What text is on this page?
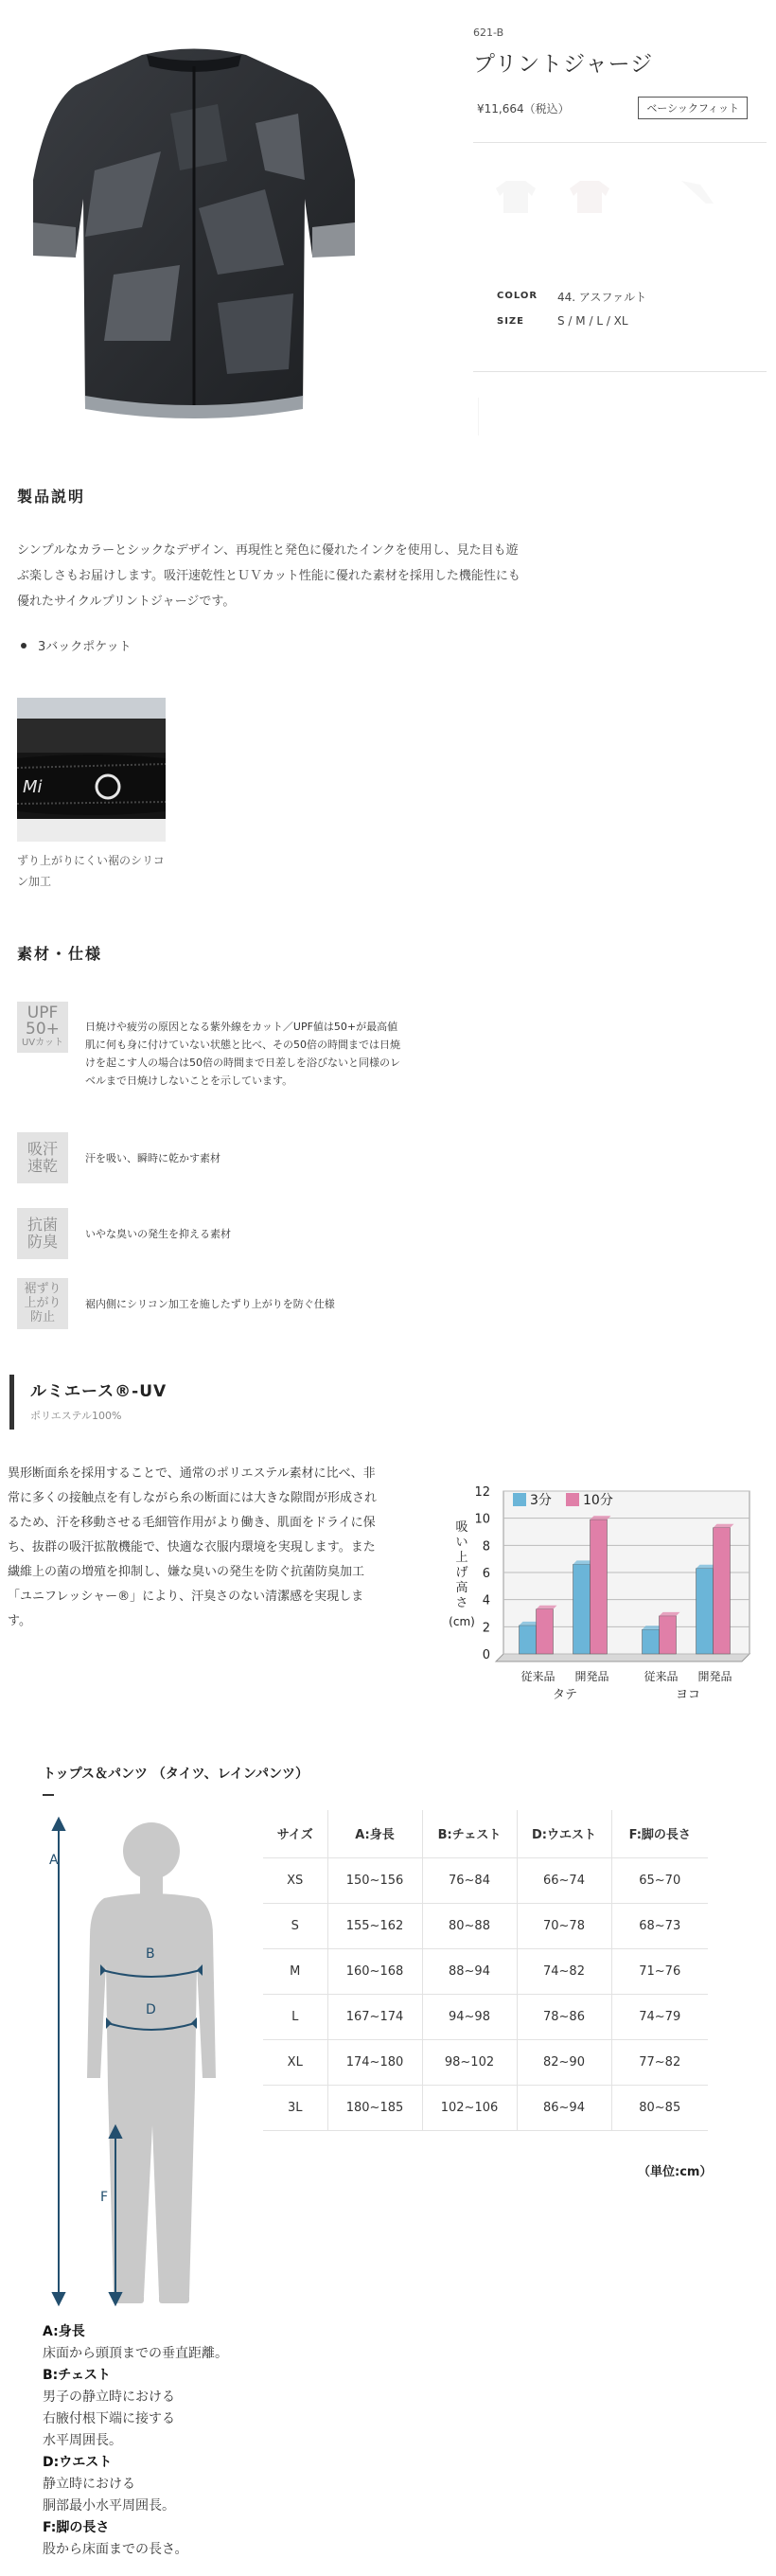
621-B
プリントジャージ
¥11,664（税込）	ベーシックフィット
COLOR	44. アスファルト
SIZE	S / M / L / XL
製品説明
シンプルなカラーとシックなデザイン、再現性と発色に優れたインクを使用し、見た目も遊ぶ楽しさもお届けします。吸汗速乾性とＵＶカット性能に優れた素材を採用した機能性にも優れたサイクルプリントジャージです。
3バックポケット
Mi
ずり上がりにくい裾のシリコン加工
素材・仕様
UPF
50+
UVカット
日焼けや疲労の原因となる紫外線をカット／UPF値は50+が最高値
肌に何も身に付けていない状態と比べ、その50倍の時間までは日焼けを起こす人の場合は50倍の時間まで日差しを浴びないと同様のレベルまで日焼けしないことを示しています。
吸汗
速乾	汗を吸い、瞬時に乾かす素材
抗菌
防臭	いやな臭いの発生を抑える素材
裾ずり
上がり
防止
裾内側にシリコン加工を施したずり上がりを防ぐ仕様
ルミエース®-UV
ポリエステル100%
異形断面糸を採用することで、通常のポリエステル素材に比べ、非常に多くの接触点を有しながら糸の断面には大きな隙間が形成されるため、汗を移動させる毛細管作用がより働き、肌面をドライに保ち、抜群の吸汗拡散機能で、快適な衣服内環境を実現します。また繊維上の菌の増殖を抑制し、嫌な臭いの発生を防ぐ抗菌防臭加工「ユニフレッシャー®」により、汗臭さのない清潔感を実現します。
0
2
4
6
8
10
12
吸
い
上
げ
高
さ
(cm)
従来品 開発品	従来品 開発品
タテ	ヨコ
3分 10分
トップス＆パンツ （タイツ、レインパンツ）
A
B
D
F
サイズ	A:身長	B:チェスト	D:ウエスト	F:脚の長さ
XS	150~156	76~84	66~74	65~70
S	155~162	80~88	70~78	68~73
M	160~168	88~94	74~82	71~76
L	167~174	94~98	78~86	74~79
XL	174~180	98~102	82~90	77~82
3L	180~185	102~106	86~94	80~85
（単位:cm）
A:身長
床面から頭頂までの垂直距離。
B:チェスト
男子の静立時における
右腋付根下端に接する
水平周囲長。
D:ウエスト
静立時における
胴部最小水平周囲長。
F:脚の長さ
股から床面までの長さ。
